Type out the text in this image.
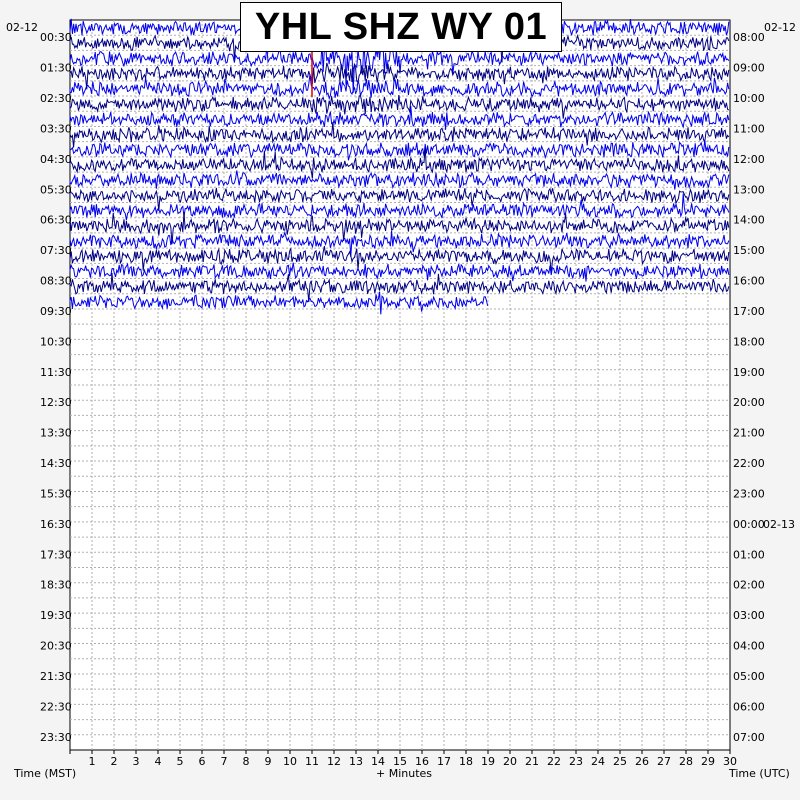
1 2 3 4 5 6 7 8 9 10 11 12 13 14 15 16 17 18 19 20 21 22 23 24 25 26 27 28 29 30
00:30
01:30
02:30
03:30
04:30
05:30
06:30
07:30
08:30
09:30
10:30
11:30
12:30
13:30
14:30
15:30
16:30
17:30
18:30
19:30
20:30
21:30
22:30
23:30
08:00
09:00
10:00
11:00
12:00
13:00
14:00
15:00
16:00
17:00
18:00
19:00
20:00
21:00
22:00
23:00
00:00
02-13
01:00
02:00
03:00
04:00
05:00
06:00
07:00
02-12	02-12
Time (MST)	+ Minutes	Time (UTC)
YHL SHZ WY 01
